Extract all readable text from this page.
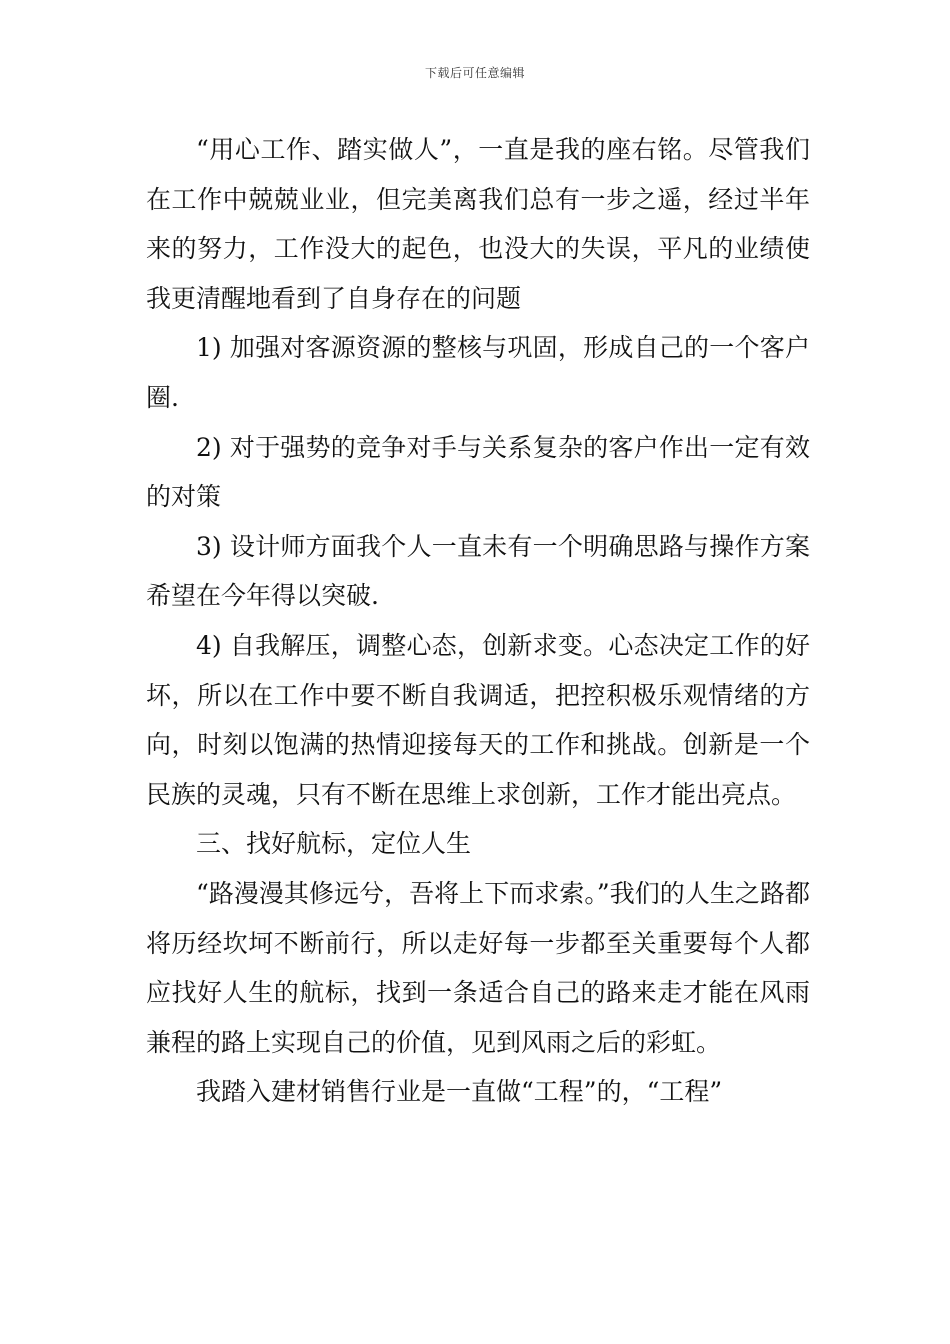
下载后可任意编辑

“用心工作、踏实做人”，一直是我的座右铭。尽管我们在工作中兢兢业业，但完美离我们总有一步之遥，经过半年来的努力，工作没大的起色，也没大的失误，平凡的业绩使我更清醒地看到了自身存在的问题

1) 加强对客源资源的整核与巩固，形成自己的一个客户圈.

2) 对于强势的竞争对手与关系复杂的客户作出一定有效的对策

3) 设计师方面我个人一直未有一个明确思路与操作方案希望在今年得以突破.

4) 自我解压，调整心态，创新求变。心态决定工作的好坏，所以在工作中要不断自我调适，把控积极乐观情绪的方向，时刻以饱满的热情迎接每天的工作和挑战。创新是一个民族的灵魂，只有不断在思维上求创新，工作才能出亮点。

三、找好航标，定位人生

“路漫漫其修远兮，吾将上下而求索。”我们的人生之路都将历经坎坷不断前行，所以走好每一步都至关重要每个人都应找好人生的航标，找到一条适合自己的路来走才能在风雨兼程的路上实现自己的价值，见到风雨之后的彩虹。

我踏入建材销售行业是一直做“工程”的，“工程”
